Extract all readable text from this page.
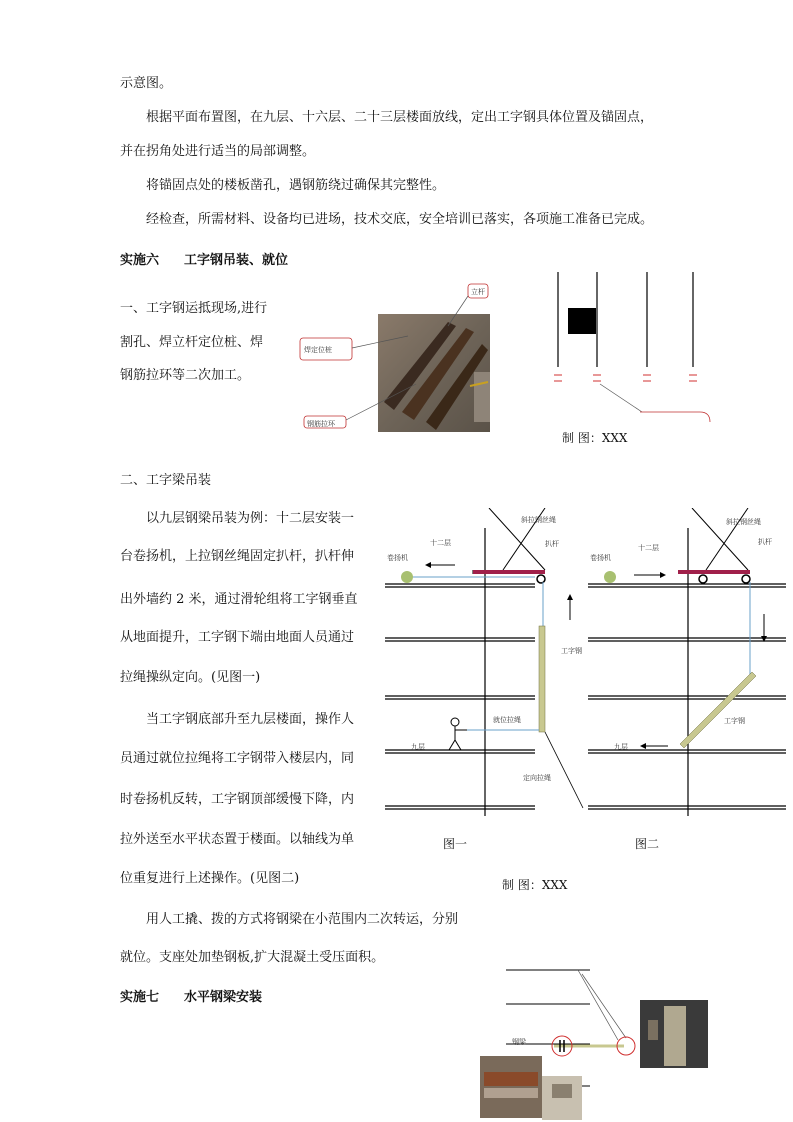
示意图。
根据平面布置图，在九层、十六层、二十三层楼面放线，定出工字钢具体位置及锚固点，
并在拐角处进行适当的局部调整。
将锚固点处的楼板凿孔，遇钢筋绕过确保其完整性。
经检查，所需材料、设备均已进场，技术交底，安全培训已落实，各项施工准备已完成。
实施六 工字钢吊装、就位
一、工字钢运抵现场,进行
割孔、焊立杆定位桩、焊
钢筋拉环等二次加工。
立杆
焊定位桩
钢筋拉环
制 图：XXX
二、工字梁吊装
以九层钢梁吊装为例：十二层安装一
台卷扬机，上拉钢丝绳固定扒杆，扒杆伸
出外墙约 2 米，通过滑轮组将工字钢垂直
从地面提升，工字钢下端由地面人员通过
拉绳操纵定向。(见图一)
当工字钢底部升至九层楼面，操作人
员通过就位拉绳将工字钢带入楼层内，同
时卷扬机反转，工字钢顶部缓慢下降，内
拉外送至水平状态置于楼面。以轴线为单
位重复进行上述操作。(见图二)
斜拉钢丝绳
十二层
卷扬机
扒杆
工字钢
就位拉绳
九层
定向拉绳
斜拉钢丝绳
十二层
卷扬机
扒杆
工字钢
九层
图一	图二
制 图：XXX
用人工撬、拨的方式将钢梁在小范围内二次转运，分别
就位。支座处加垫钢板,扩大混凝土受压面积。
实施七 水平钢梁安装
钢梁
